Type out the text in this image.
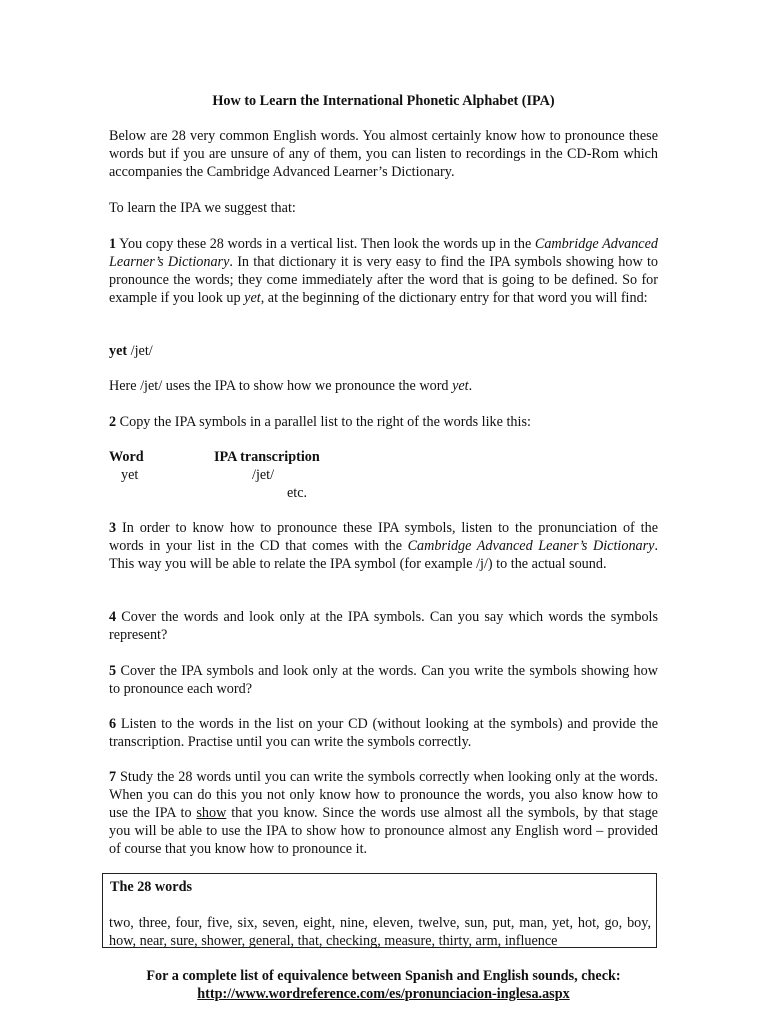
How to Learn the International Phonetic Alphabet (IPA)
Below are 28 very common English words. You almost certainly know how to pronounce these words but if you are unsure of any of them, you can listen to recordings in the CD-Rom which accompanies the Cambridge Advanced Learner’s Dictionary.
To learn the IPA we suggest that:
1 You copy these 28 words in a vertical list. Then look the words up in the Cambridge Advanced Learner’s Dictionary. In that dictionary it is very easy to find the IPA symbols showing how to pronounce the words; they come immediately after the word that is going to be defined. So for example if you look up yet, at the beginning of the dictionary entry for that word you will find:
yet /jet/
Here /jet/ uses the IPA to show how we pronounce the word yet.
2 Copy the IPA symbols in a parallel list to the right of the words like this:
Word	IPA transcription
yet	/jet/
etc.
3 In order to know how to pronounce these IPA symbols, listen to the pronunciation of the words in your list in the CD that comes with the Cambridge Advanced Leaner’s Dictionary. This way you will be able to relate the IPA symbol (for example /j/) to the actual sound.
4 Cover the words and look only at the IPA symbols. Can you say which words the symbols represent?
5 Cover the IPA symbols and look only at the words. Can you write the symbols showing how to pronounce each word?
6 Listen to the words in the list on your CD (without looking at the symbols) and provide the transcription. Practise until you can write the symbols correctly.
7 Study the 28 words until you can write the symbols correctly when looking only at the words. When you can do this you not only know how to pronounce the words, you also know how to use the IPA to show that you know. Since the words use almost all the symbols, by that stage you will be able to use the IPA to show how to pronounce almost any English word – provided of course that you know how to pronounce it.
The 28 words
two, three, four, five, six, seven, eight, nine, eleven, twelve, sun, put, man, yet, hot, go, boy, how, near, sure, shower, general, that, checking, measure, thirty, arm, influence
For a complete list of equivalence between Spanish and English sounds, check:
http://www.wordreference.com/es/pronunciacion-inglesa.aspx
